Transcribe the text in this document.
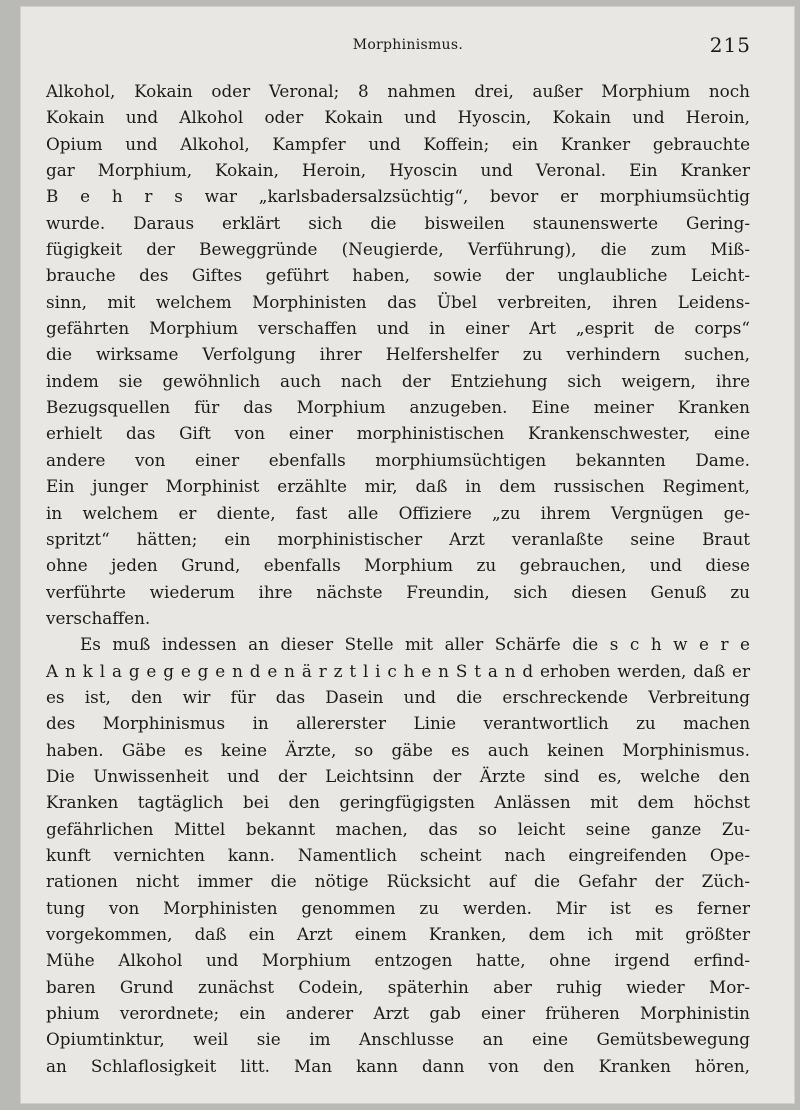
Morphinismus.	215
Alkohol, Kokain oder Veronal; 8 nahmen drei, außer Morphium noch
Kokain und Alkohol oder Kokain und Hyoscin, Kokain und Heroin,
Opium und Alkohol, Kampfer und Koffein; ein Kranker gebrauchte
gar Morphium, Kokain, Heroin, Hyoscin und Veronal. Ein Kranker
B e h r s war „karlsbadersalzsüchtig“, bevor er morphiumsüchtig
wurde. Daraus erklärt sich die bisweilen staunenswerte Gering-
fügigkeit der Beweggründe (Neugierde, Verführung), die zum Miß-
brauche des Giftes geführt haben, sowie der unglaubliche Leicht-
sinn, mit welchem Morphinisten das Übel verbreiten, ihren Leidens-
gefährten Morphium verschaffen und in einer Art „esprit de corps“
die wirksame Verfolgung ihrer Helfershelfer zu verhindern suchen,
indem sie gewöhnlich auch nach der Entziehung sich weigern, ihre
Bezugsquellen für das Morphium anzugeben. Eine meiner Kranken
erhielt das Gift von einer morphinistischen Krankenschwester, eine
andere von einer ebenfalls morphiumsüchtigen bekannten Dame.
Ein junger Morphinist erzählte mir, daß in dem russischen Regiment,
in welchem er diente, fast alle Offiziere „zu ihrem Vergnügen ge-
spritzt“ hätten; ein morphinistischer Arzt veranlaßte seine Braut
ohne jeden Grund, ebenfalls Morphium zu gebrauchen, und diese
verführte wiederum ihre nächste Freundin, sich diesen Genuß zu
verschaffen.
Es muß indessen an dieser Stelle mit aller Schärfe die s c h w e r e
A n k l a g e g e g e n d e n ä r z t l i c h e n S t a n d erhoben werden, daß er
es ist, den wir für das Dasein und die erschreckende Verbreitung
des Morphinismus in allererster Linie verantwortlich zu machen
haben. Gäbe es keine Ärzte, so gäbe es auch keinen Morphinismus.
Die Unwissenheit und der Leichtsinn der Ärzte sind es, welche den
Kranken tagtäglich bei den geringfügigsten Anlässen mit dem höchst
gefährlichen Mittel bekannt machen, das so leicht seine ganze Zu-
kunft vernichten kann. Namentlich scheint nach eingreifenden Ope-
rationen nicht immer die nötige Rücksicht auf die Gefahr der Züch-
tung von Morphinisten genommen zu werden. Mir ist es ferner
vorgekommen, daß ein Arzt einem Kranken, dem ich mit größter
Mühe Alkohol und Morphium entzogen hatte, ohne irgend erfind-
baren Grund zunächst Codein, späterhin aber ruhig wieder Mor-
phium verordnete; ein anderer Arzt gab einer früheren Morphinistin
Opiumtinktur, weil sie im Anschlusse an eine Gemütsbewegung
an Schlaflosigkeit litt. Man kann dann von den Kranken hören,
